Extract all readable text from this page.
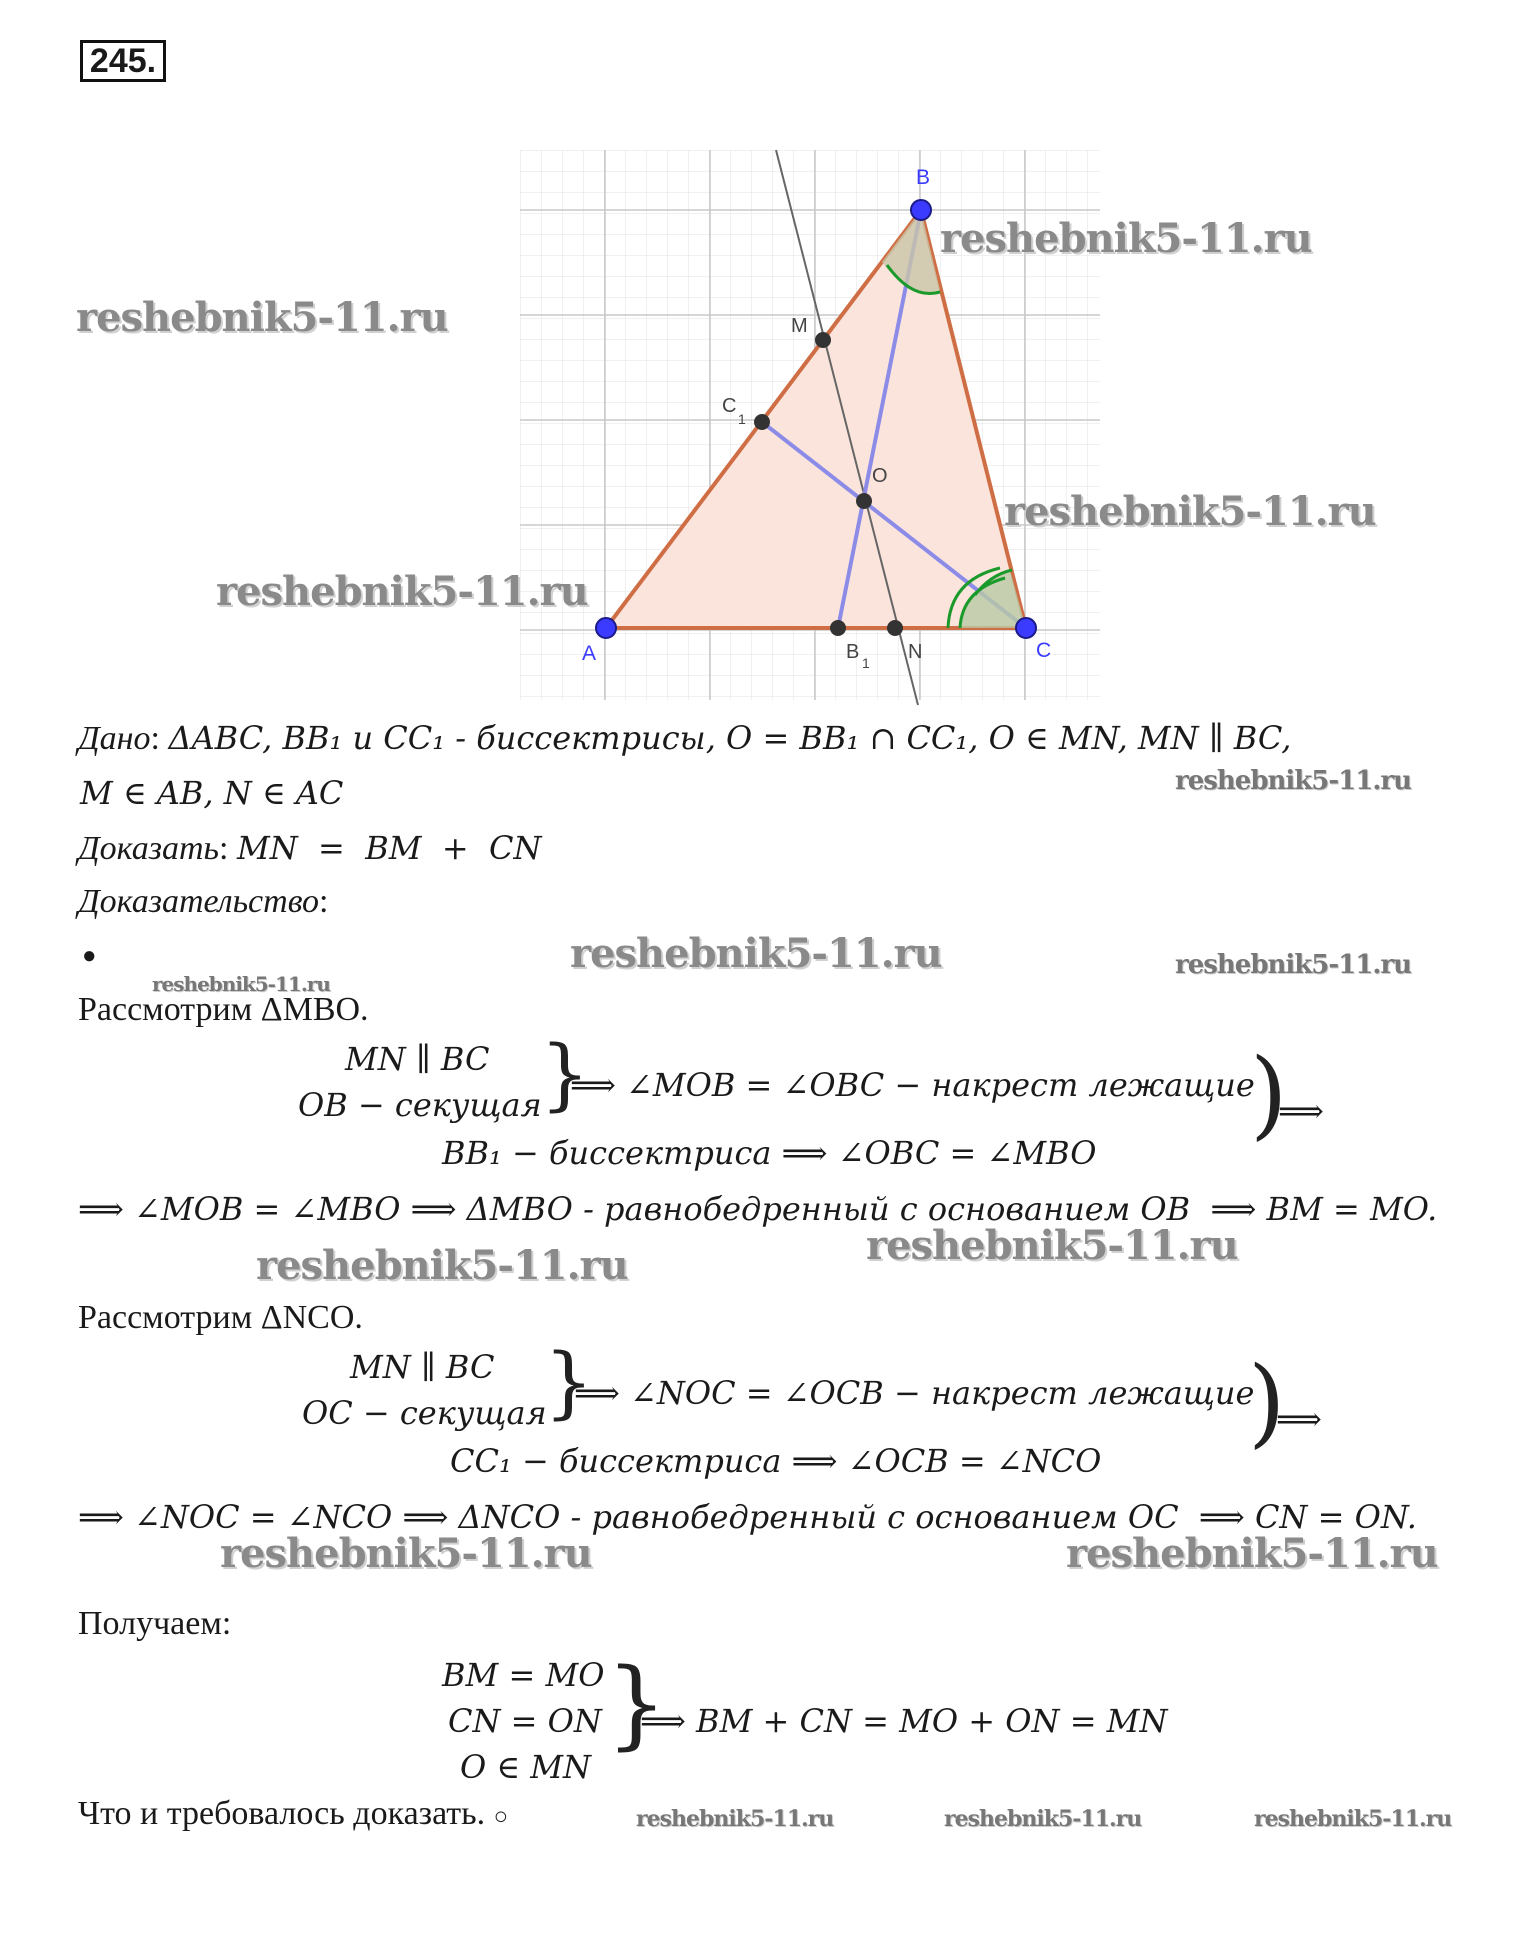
245.
B
A	C
M
O
C
1
B 1 N
reshebnik5-11.ru
reshebnik5-11.ru
reshebnik5-11.ru
reshebnik5-11.ru
Дано: ΔABC, BB₁ и CC₁ - биссектрисы, O = BB₁ ∩ CC₁, O ∈ MN, MN ∥ BC,
M ∈ AB, N ∈ AC	reshebnik5-11.ru
Доказать: MN  =  BM  +  CN
Доказательство:
●	reshebnik5-11.ru	reshebnik5-11.ru
reshebnik5-11.ru
Рассмотрим ΔMBO.
MN ∥ BC
OB − секущая
}
⟹ ∠MOB = ∠OBC − накрест лежащие
BB₁ − биссектриса ⟹ ∠OBC = ∠MBO
)
⟹
⟹ ∠MOB = ∠MBO ⟹ ΔMBO - равнобедренный с основанием OB  ⟹ BM = MO.
reshebnik5-11.ru
reshebnik5-11.ru
Рассмотрим ΔNCO.
MN ∥ BC
OC − секущая
}
⟹ ∠NOC = ∠OCB − накрест лежащие
CC₁ − биссектриса ⟹ ∠OCB = ∠NCO
)
⟹
⟹ ∠NOC = ∠NCO ⟹ ΔNCO - равнобедренный с основанием OC  ⟹ CN = ON.
reshebnik5-11.ru	reshebnik5-11.ru
Получаем:
BM = MO
CN = ON
O ∈ MN
}
⟹ BM + CN = MO + ON = MN
Что и требовалось доказать. ○	reshebnik5-11.ru	reshebnik5-11.ru	reshebnik5-11.ru
